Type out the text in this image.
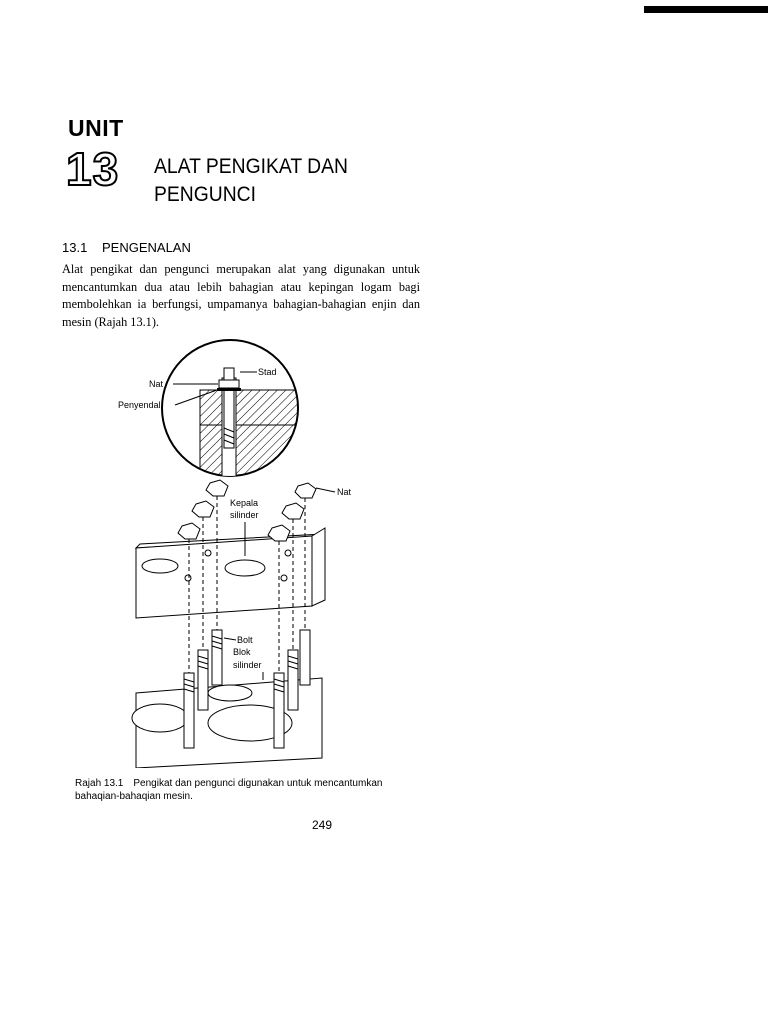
UNIT
13 ALAT PENGIKAT DAN
PENGUNCI
13.1 PENGENALAN
Alat pengikat dan pengunci merupakan alat yang digunakan untuk mencantumkan dua atau lebih bahagian atau kepingan logam bagi membolehkan ia berfungsi, umpamanya bahagian-bahagian enjin dan mesin (Rajah 13.1).
Stad
Nat
Penyendal
Nat
Kepala
silinder
Bolt
Blok
silinder
Rajah 13.1 Pengikat dan pengunci digunakan untuk mencantumkan bahaqian-bahaqian mesin.
249
